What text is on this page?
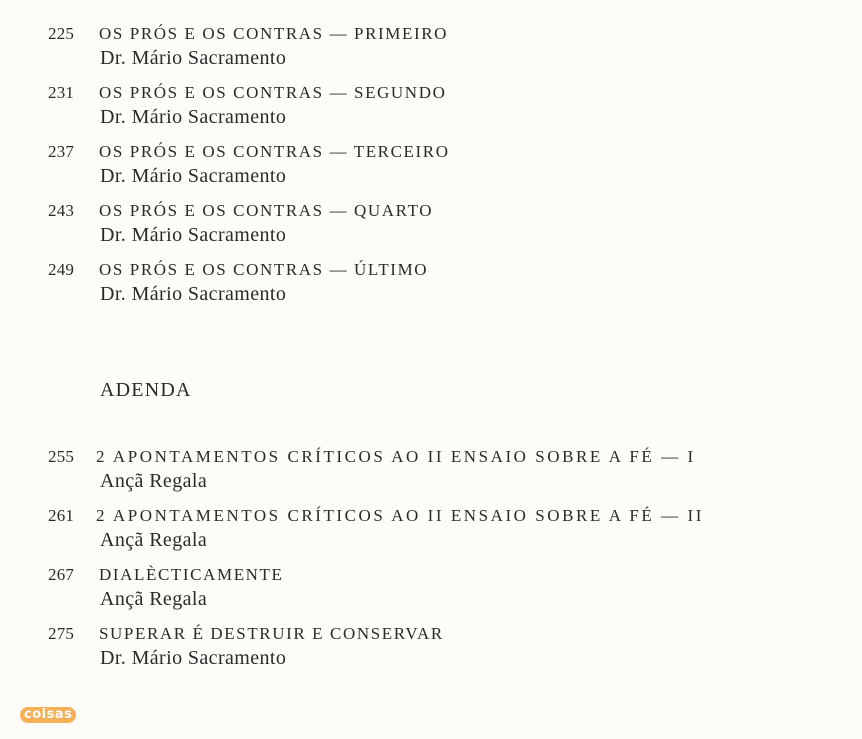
225	OS PRÓS E OS CONTRAS — PRIMEIRO
Dr. Mário Sacramento
231	OS PRÓS E OS CONTRAS — SEGUNDO
Dr. Mário Sacramento
237	OS PRÓS E OS CONTRAS — TERCEIRO
Dr. Mário Sacramento
243	OS PRÓS E OS CONTRAS — QUARTO
Dr. Mário Sacramento
249	OS PRÓS E OS CONTRAS — ÚLTIMO
Dr. Mário Sacramento
ADENDA
255	2 APONTAMENTOS CRÍTICOS AO II ENSAIO SOBRE A FÉ — I
Ançã Regala
261	2 APONTAMENTOS CRÍTICOS AO II ENSAIO SOBRE A FÉ — II
Ançã Regala
267	DIALÈCTICAMENTE
Ançã Regala
275	SUPERAR É DESTRUIR E CONSERVAR
Dr. Mário Sacramento
coisas
